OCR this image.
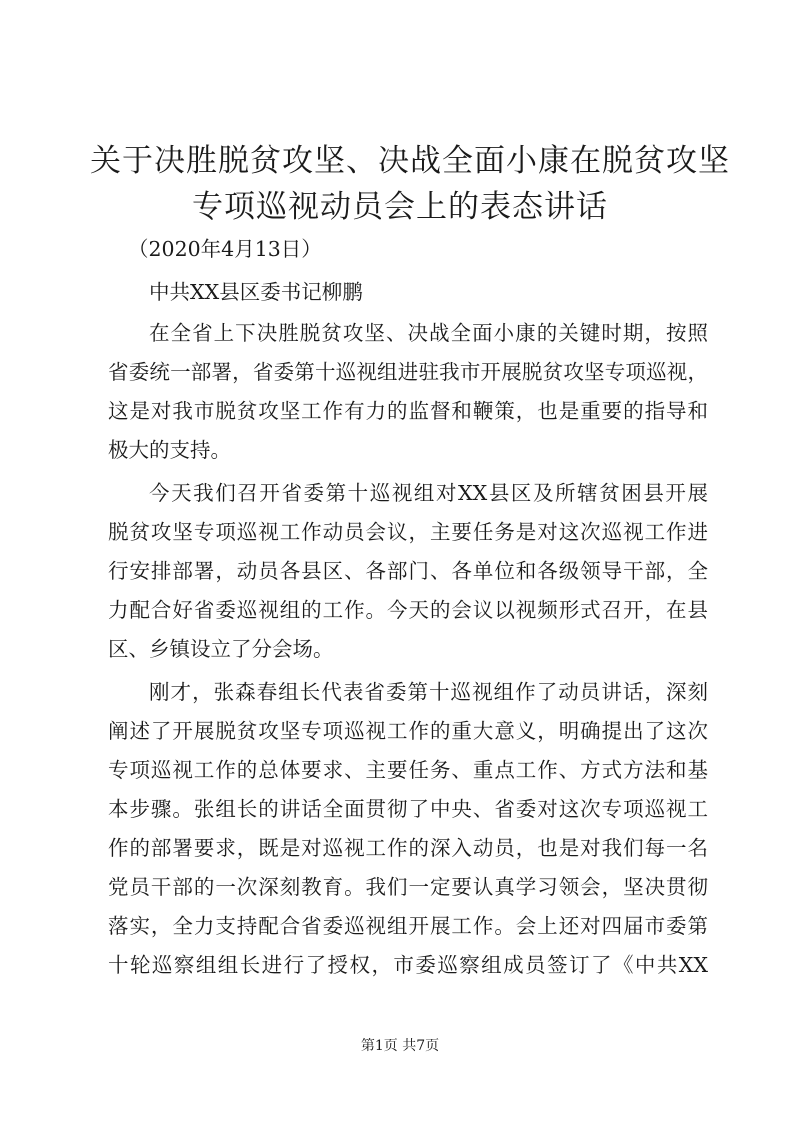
关于决胜脱贫攻坚、决战全面小康在脱贫攻坚
专项巡视动员会上的表态讲话
（2020年4月13日）
中共XX县区委书记柳鹏
在全省上下决胜脱贫攻坚、决战全面小康的关键时期，按照
省委统一部署，省委第十巡视组进驻我市开展脱贫攻坚专项巡视，
这是对我市脱贫攻坚工作有力的监督和鞭策，也是重要的指导和
极大的支持。
今天我们召开省委第十巡视组对XX县区及所辖贫困县开展
脱贫攻坚专项巡视工作动员会议，主要任务是对这次巡视工作进
行安排部署，动员各县区、各部门、各单位和各级领导干部，全
力配合好省委巡视组的工作。今天的会议以视频形式召开，在县
区、乡镇设立了分会场。
刚才，张森春组长代表省委第十巡视组作了动员讲话，深刻
阐述了开展脱贫攻坚专项巡视工作的重大意义，明确提出了这次
专项巡视工作的总体要求、主要任务、重点工作、方式方法和基
本步骤。张组长的讲话全面贯彻了中央、省委对这次专项巡视工
作的部署要求，既是对巡视工作的深入动员，也是对我们每一名
党员干部的一次深刻教育。我们一定要认真学习领会，坚决贯彻
落实，全力支持配合省委巡视组开展工作。会上还对四届市委第
十轮巡察组组长进行了授权，市委巡察组成员签订了《中共XX
第1页 共7页
